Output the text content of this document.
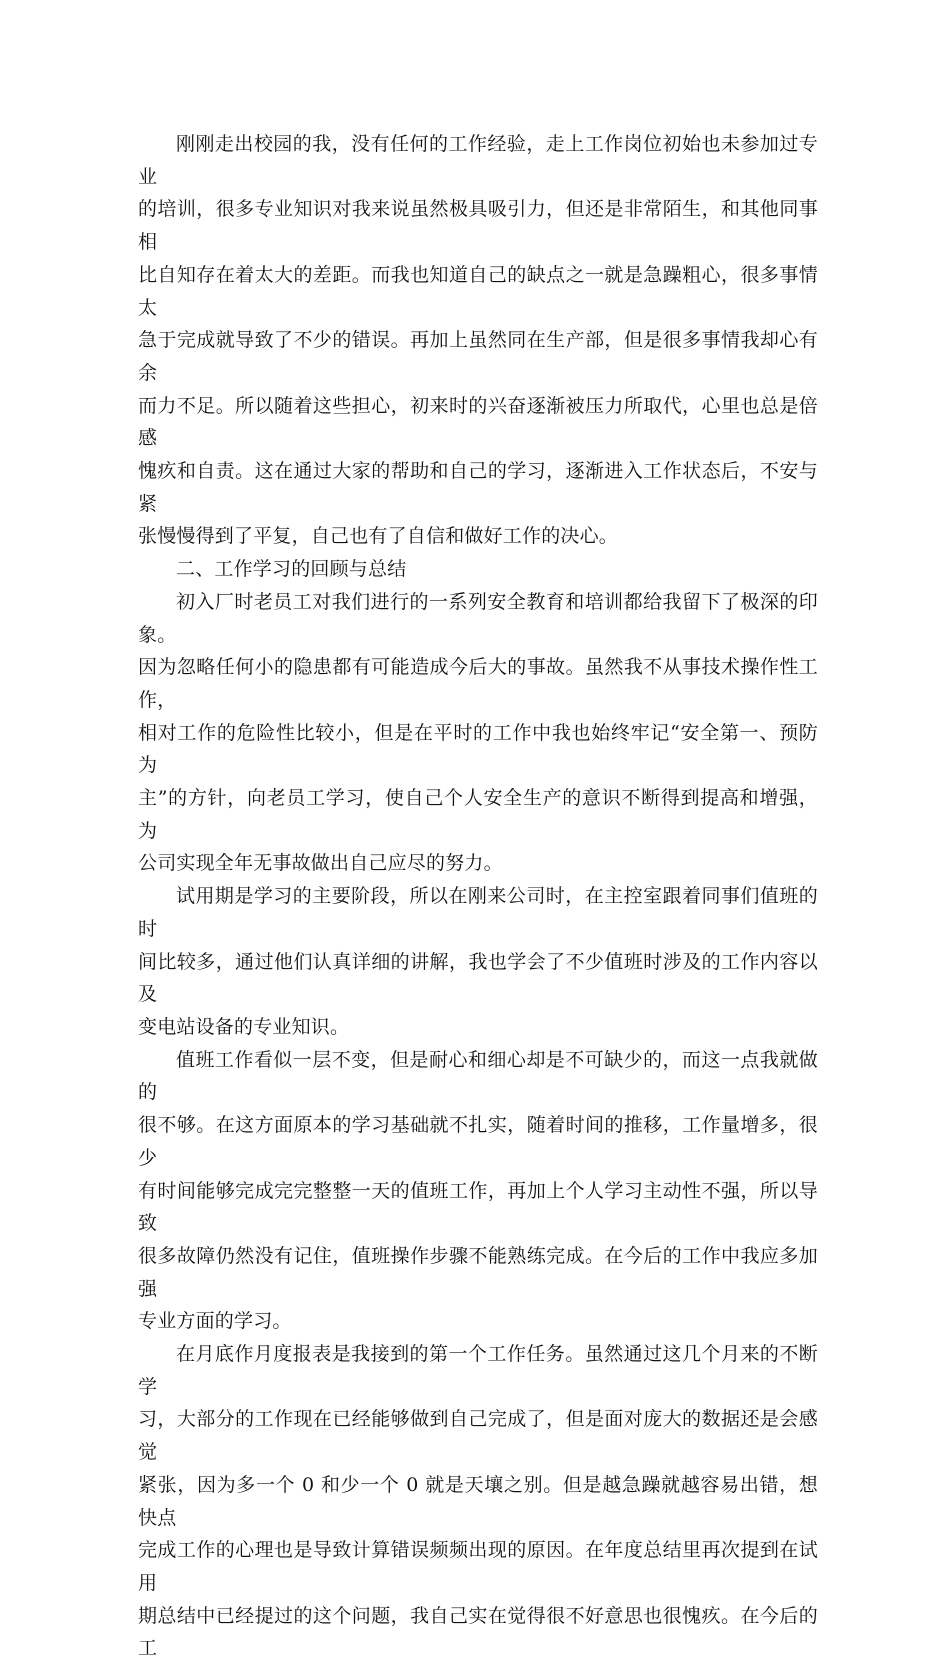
刚刚走出校园的我，没有任何的工作经验，走上工作岗位初始也未参加过专业
的培训，很多专业知识对我来说虽然极具吸引力，但还是非常陌生，和其他同事相
比自知存在着太大的差距。而我也知道自己的缺点之一就是急躁粗心，很多事情太
急于完成就导致了不少的错误。再加上虽然同在生产部，但是很多事情我却心有余
而力不足。所以随着这些担心，初来时的兴奋逐渐被压力所取代，心里也总是倍感
愧疚和自责。这在通过大家的帮助和自己的学习，逐渐进入工作状态后，不安与紧
张慢慢得到了平复，自己也有了自信和做好工作的决心。

二、工作学习的回顾与总结

初入厂时老员工对我们进行的一系列安全教育和培训都给我留下了极深的印象。
因为忽略任何小的隐患都有可能造成今后大的事故。虽然我不从事技术操作性工作，
相对工作的危险性比较小，但是在平时的工作中我也始终牢记“安全第一、预防为
主”的方针，向老员工学习，使自己个人安全生产的意识不断得到提高和增强，为
公司实现全年无事故做出自己应尽的努力。

试用期是学习的主要阶段，所以在刚来公司时，在主控室跟着同事们值班的时
间比较多，通过他们认真详细的讲解，我也学会了不少值班时涉及的工作内容以及
变电站设备的专业知识。

值班工作看似一层不变，但是耐心和细心却是不可缺少的，而这一点我就做的
很不够。在这方面原本的学习基础就不扎实，随着时间的推移，工作量增多，很少
有时间能够完成完完整整一天的值班工作，再加上个人学习主动性不强，所以导致
很多故障仍然没有记住，值班操作步骤不能熟练完成。在今后的工作中我应多加强
专业方面的学习。

在月底作月度报表是我接到的第一个工作任务。虽然通过这几个月来的不断学
习，大部分的工作现在已经能够做到自己完成了，但是面对庞大的数据还是会感觉
紧张，因为多一个 0 和少一个 0 就是天壤之别。但是越急躁就越容易出错，想快点
完成工作的心理也是导致计算错误频频出现的原因。在年度总结里再次提到在试用
期总结中已经提过的这个问题，我自己实在觉得很不好意思也很愧疚。在今后的工
